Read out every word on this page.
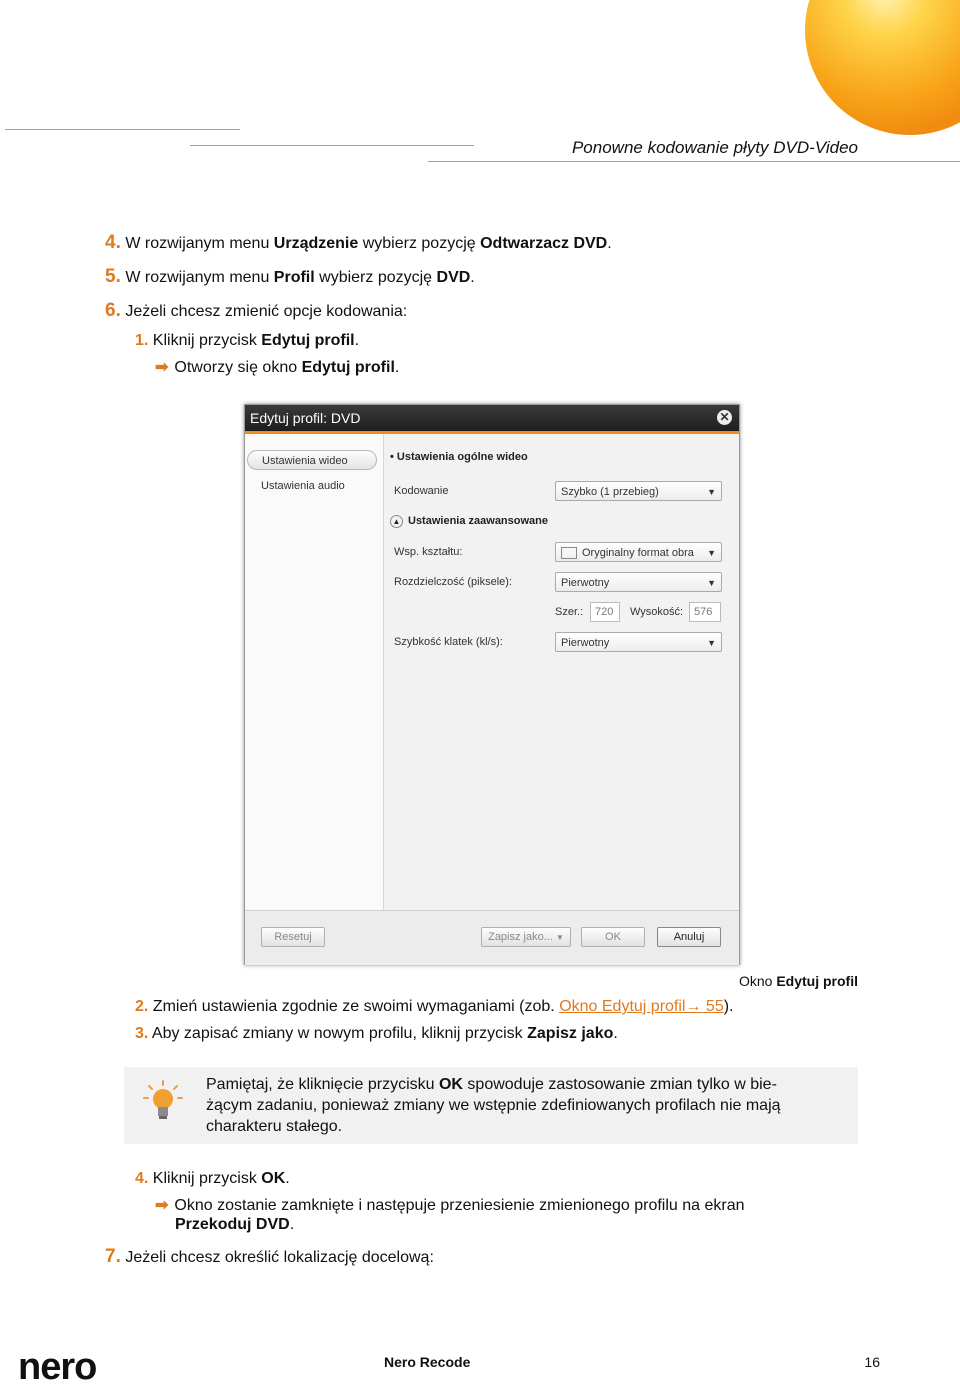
Ponowne kodowanie płyty DVD-Video
4. W rozwijanym menu Urządzenie wybierz pozycję Odtwarzacz DVD.
5. W rozwijanym menu Profil wybierz pozycję DVD.
6. Jeżeli chcesz zmienić opcje kodowania:
1. Kliknij przycisk Edytuj profil.
➡ Otworzy się okno Edytuj profil.
Edytuj profil: DVD	✕
Ustawienia wideo
Ustawienia audio
• Ustawienia ogólne wideo
Kodowanie	Szybko (1 przebieg)	▼
▲ Ustawienia zaawansowane
Wsp. kształtu:	Oryginalny format obra ▼
Rozdzielczość (piksele):	Pierwotny	▼
Szer.:	720	Wysokość: 576
Szybkość klatek (kl/s):	Pierwotny	▼
Resetuj	Zapisz jako... ▼	OK	Anuluj
Okno Edytuj profil
2. Zmień ustawienia zgodnie ze swoimi wymaganiami (zob. Okno Edytuj profil→ 55).
3. Aby zapisać zmiany w nowym profilu, kliknij przycisk Zapisz jako.
Pamiętaj, że kliknięcie przycisku OK spowoduje zastosowanie zmian tylko w bie-
żącym zadaniu, ponieważ zmiany we wstępnie zdefiniowanych profilach nie mają
charakteru stałego.
4. Kliknij przycisk OK.
➡ Okno zostanie zamknięte i następuje przeniesienie zmienionego profilu na ekran
Przekoduj DVD.
7. Jeżeli chcesz określić lokalizację docelową:
nero	Nero Recode	16
